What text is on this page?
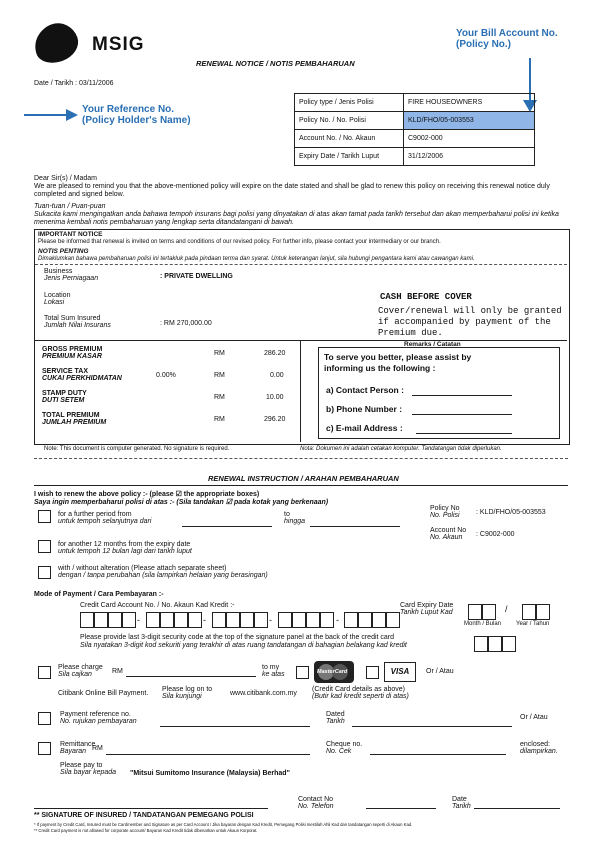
MSIG
RENEWAL NOTICE / NOTIS PEMBAHARUAN
Date / Tarikh : 03/11/2006
Your Bill Account No.
(Policy No.)
Your Reference No.
(Policy Holder's Name)
Policy type / Jenis Polisi	FIRE HOUSEOWNERS
Policy No. / No. Polisi	KLD/FHO/05-003553
Account No. / No. Akaun	C9002-000
Expiry Date / Tarikh Luput	31/12/2006
Dear Sir(s) / Madam
We are pleased to remind you that the above-mentioned policy will expire on the date stated and shall be glad to renew this policy on receiving this renewal notice duly completed and signed below.
Tuan-tuan / Puan-puan
Sukacita kami mengingatkan anda bahawa tempoh insurans bagi polisi yang dinyatakan di atas akan tamat pada tarikh tersebut dan akan memperbaharui polisi ini ketika menerima kembali notis pembaharuan yang lengkap serta ditandatangani di bawah.
IMPORTANT NOTICE
Please be informed that renewal is invited on terms and conditions of our revised policy. For further info, please contact your intermediary or our branch.
NOTIS PENTING
Dimaklumkan bahawa pembaharuan polisi ini tertakluk pada pindaan terma dan syarat. Untuk keterangan lanjut, sila hubungi pengantara kami atau cawangan kami.
Business
Jenis Perniagaan	: PRIVATE DWELLING
Location
Lokasi
Total Sum Insured
Jumlah Nilai Insurans	: RM 270,000.00
CASH BEFORE COVER
Cover/renewal will only be granted
if accompanied by payment of the
Premium due.
Remarks / Catatan
GROSS PREMIUM
PREMIUM KASAR	RM	286.20
SERVICE TAX
CUKAI PERKHIDMATAN	0.00%	RM	0.00
STAMP DUTY
DUTI SETEM	RM	10.00
TOTAL PREMIUM
JUMLAH PREMIUM	RM	296.20
To serve you better, please assist by
informing us the following :
a) Contact Person :
b) Phone Number :
c) E-mail Address :
Note: This document is computer generated. No signature is required.	Nota: Dokumen ini adalah cetakan komputer. Tandatangan tidak diperlukan.
RENEWAL INSTRUCTION / ARAHAN PEMBAHARUAN
I wish to renew the above policy :- (please ☑ the appropriate boxes)
Saya ingin memperbaharui polisi di atas :- (Sila tandakan ☑ pada kotak yang berkenaan)
Policy No
No. Polisi : KLD/FHO/05-003553
Account No
No. Akaun	: C9002-000
for a further period from
untuk tempoh selanjutnya dari
to
hingga
for another 12 months from the expiry date
untuk tempoh 12 bulan lagi dari tarikh luput
with / without alteration (Please attach separate sheet)
dengan / tanpa perubahan (sila lampirkan helaian yang berasingan)
Mode of Payment / Cara Pembayaran :-
Credit Card Account No. / No. Akaun Kad Kredit :-
-	-	-	-
Card Expiry Date
Tarikh Luput Kad	/
Month / Bulan Year / Tahun
Please provide last 3-digit security code at the top of the signature panel at the back of the credit card
Sila nyatakan 3-digit kod sekuriti yang terakhir di atas ruang tandatangan di bahagian belakang kad kredit
Please charge
Sila cajkan	RM
to my
ke atas	MasterCard	VISA	Or / Atau
Citibank Online Bill Payment.
Please log on to
Sila kunjungi	www.citibank.com.my
(Credit Card details as above)
(Butir kad kredit seperti di atas)
Payment reference no.
No. rujukan pembayaran
Dated
Tarikh
Or / Atau
Remittance
Bayaran RM
Cheque no.
No. Cek
enclosed:
dilampirkan.
Please pay to
Sila bayar kepada "Mitsui Sumitomo Insurance (Malaysia) Berhad"
Contact No
No. Telefon
Date
Tarikh
** SIGNATURE OF INSURED / TANDATANGAN PEMEGANG POLISI
* If payment by Credit Card, Insured must be Cardmember and Signature as per Card Account / Jika bayaran dengan Kad Kredit, Pemegang Polisi mestilah Ahli Kad dan tandatangan seperti di Akaun Kad.
** Credit Card payment is not allowed for corporate account/ Bayaran Kad Kredit tidak dibenarkan untuk Akaun Korporat.
